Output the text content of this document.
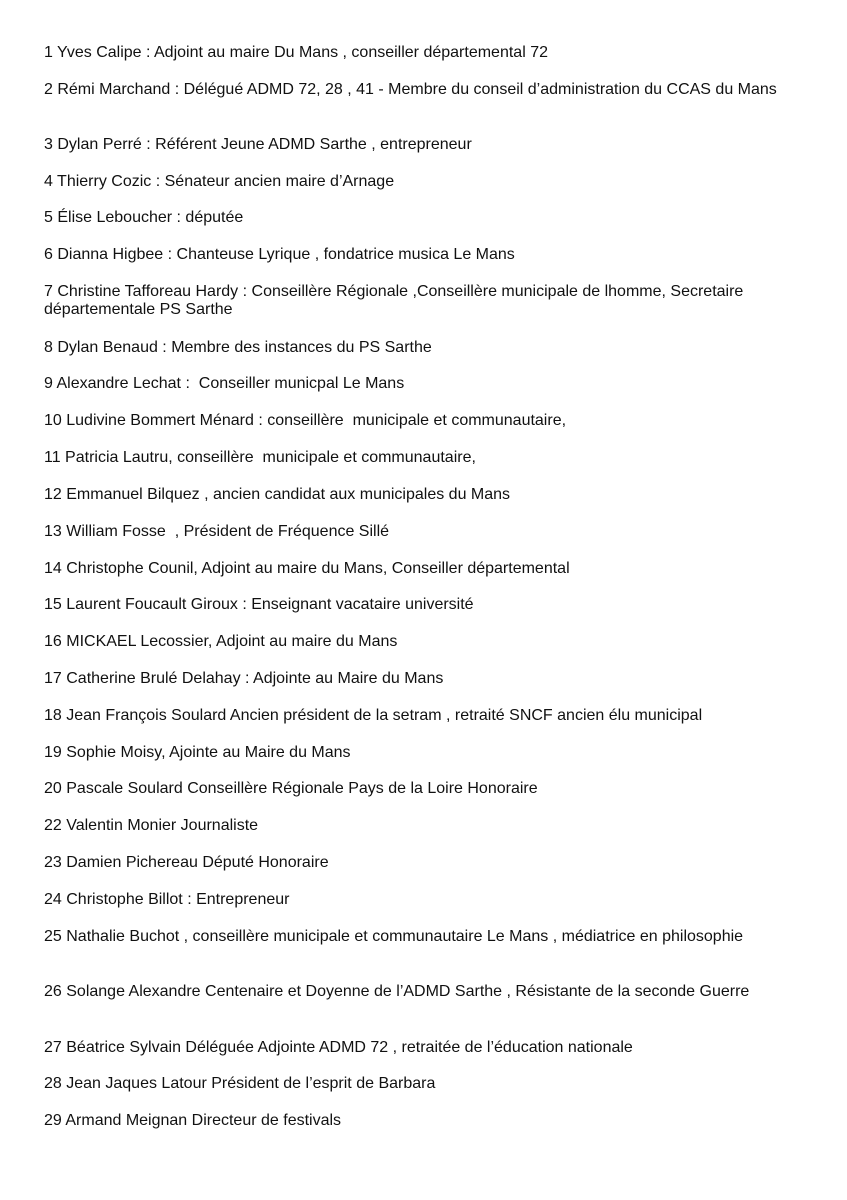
1 Yves Calipe : Adjoint au maire Du Mans , conseiller départemental 72
2 Rémi Marchand : Délégué ADMD 72, 28 , 41 - Membre du conseil d’administration du CCAS du Mans
3 Dylan Perré : Référent Jeune ADMD Sarthe , entrepreneur
4 Thierry Cozic : Sénateur ancien maire d’Arnage
5 Élise Leboucher : députée
6 Dianna Higbee : Chanteuse Lyrique , fondatrice musica Le Mans
7 Christine Tafforeau Hardy : Conseillère Régionale ,Conseillère municipale de lhomme, Secretaire départementale PS Sarthe
8 Dylan Benaud : Membre des instances du PS Sarthe
9 Alexandre Lechat :  Conseiller municpal Le Mans
10 Ludivine Bommert Ménard : conseillère  municipale et communautaire,
11 Patricia Lautru, conseillère  municipale et communautaire,
12 Emmanuel Bilquez , ancien candidat aux municipales du Mans
13 William Fosse  , Président de Fréquence Sillé
14 Christophe Counil, Adjoint au maire du Mans, Conseiller départemental
15 Laurent Foucault Giroux : Enseignant vacataire université
16 MICKAEL Lecossier, Adjoint au maire du Mans
17 Catherine Brulé Delahay : Adjointe au Maire du Mans
18 Jean François Soulard Ancien président de la setram , retraité SNCF ancien élu municipal
19 Sophie Moisy, Ajointe au Maire du Mans
20 Pascale Soulard Conseillère Régionale Pays de la Loire Honoraire
22 Valentin Monier Journaliste
23 Damien Pichereau Député Honoraire
24 Christophe Billot : Entrepreneur
25 Nathalie Buchot , conseillère municipale et communautaire Le Mans , médiatrice en philosophie
26 Solange Alexandre Centenaire et Doyenne de l’ADMD Sarthe , Résistante de la seconde Guerre
27 Béatrice Sylvain Déléguée Adjointe ADMD 72 , retraitée de l’éducation nationale
28 Jean Jaques Latour Président de l’esprit de Barbara
29 Armand Meignan Directeur de festivals
